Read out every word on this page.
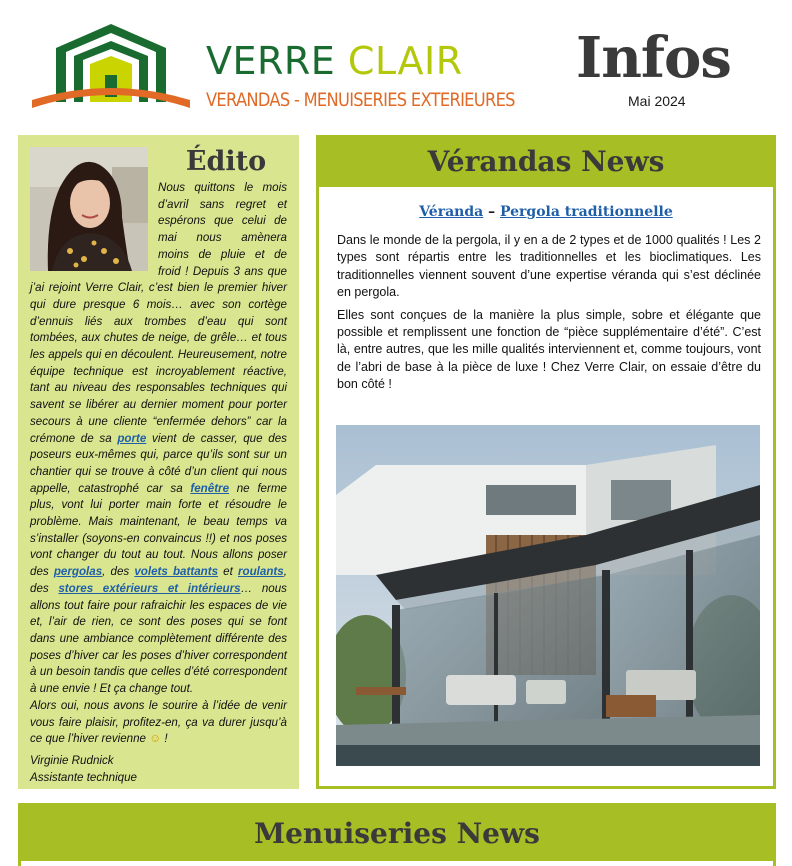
VERRE CLAIR
VERANDAS - MENUISERIES EXTERIEURES
Infos
Mai 2024
Édito
Nous quittons le mois d’avril sans regret et espérons que celui de mai nous amènera moins de pluie et de froid ! Depuis 3 ans que j’ai rejoint Verre Clair, c’est bien le premier hiver qui dure presque 6 mois… avec son cortège d’ennuis liés aux trombes d’eau qui sont tombées, aux chutes de neige, de grêle… et tous les appels qui en découlent. Heureusement, notre équipe technique est incroyablement réactive, tant au niveau des responsables techniques qui savent se libérer au dernier moment pour porter secours à une cliente “enfermée dehors” car la crémone de sa porte vient de casser, que des poseurs eux-mêmes qui, parce qu’ils sont sur un chantier qui se trouve à côté d’un client qui nous appelle, catastrophé car sa fenêtre ne ferme plus, vont lui porter main forte et résoudre le problème. Mais maintenant, le beau temps va s’installer (soyons-en convaincus !!) et nos poses vont changer du tout au tout. Nous allons poser des pergolas, des volets battants et roulants, des stores extérieurs et intérieurs… nous allons tout faire pour rafraichir les espaces de vie et, l’air de rien, ce sont des poses qui se font dans une ambiance complètement différente des poses d’hiver car les poses d’hiver correspondent à un besoin tandis que celles d’été correspondent à une envie ! Et ça change tout.
Alors oui, nous avons le sourire à l’idée de venir vous faire plaisir, profitez-en, ça va durer jusqu’à ce que l’hiver revienne ☺ !
Virginie Rudnick
Assistante technique
Vérandas News
Véranda – Pergola traditionnelle

Dans le monde de la pergola, il y en a de 2 types et de 1000 qualités ! Les 2 types sont répartis entre les traditionnelles et les bioclimatiques. Les traditionnelles viennent souvent d’une expertise véranda qui s’est déclinée en pergola.

Elles sont conçues de la manière la plus simple, sobre et élégante que possible et remplissent une fonction de “pièce supplémentaire d’été”. C’est là, entre autres, que les mille qualités interviennent et, comme toujours, vont de l’abri de base à la pièce de luxe ! Chez Verre Clair, on essaie d’être du bon côté !

Menuiseries News
